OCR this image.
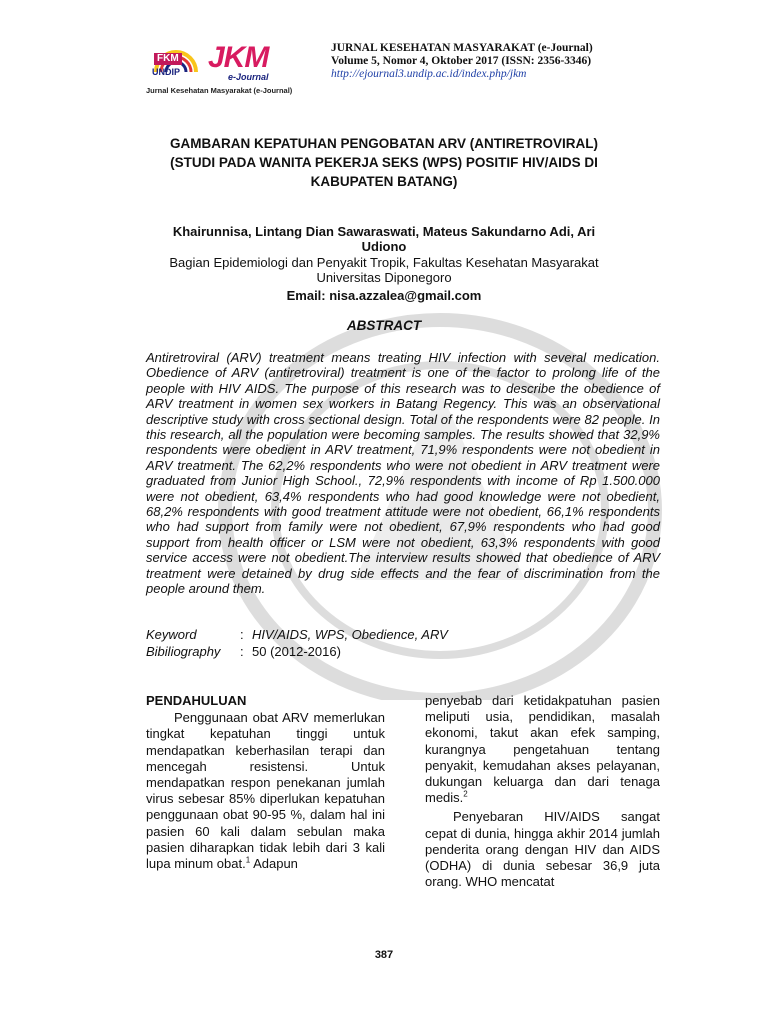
FKM
UNDIP JKM
e-Journal
Jurnal Kesehatan Masyarakat (e-Journal)
JURNAL KESEHATAN MASYARAKAT (e-Journal)
Volume 5, Nomor 4, Oktober 2017 (ISSN: 2356-3346)
http://ejournal3.undip.ac.id/index.php/jkm
GAMBARAN KEPATUHAN PENGOBATAN ARV (ANTIRETROVIRAL)
(STUDI PADA WANITA PEKERJA SEKS (WPS) POSITIF HIV/AIDS DI
KABUPATEN BATANG)
Khairunnisa, Lintang Dian Sawaraswati, Mateus Sakundarno Adi, Ari Udiono
Bagian Epidemiologi dan Penyakit Tropik, Fakultas Kesehatan Masyarakat Universitas Diponegoro
Email: nisa.azzalea@gmail.com
ABSTRACT
Antiretroviral (ARV) treatment means treating HIV infection with several medication. Obedience of ARV (antiretroviral) treatment is one of the factor to prolong life of the people with HIV AIDS. The purpose of this research was to describe the obedience of ARV treatment in women sex workers in Batang Regency. This was an observational descriptive study with cross sectional design. Total of the respondents were 82 people. In this research, all the population were becoming samples. The results showed that 32,9% respondents were obedient in ARV treatment, 71,9% respondents were not obedient in ARV treatment. The 62,2% respondents who were not obedient in ARV treatment were graduated from Junior High School., 72,9% respondents with income of Rp 1.500.000 were not obedient, 63,4% respondents who had good knowledge were not obedient, 68,2% respondents with good treatment attitude were not obedient, 66,1% respondents who had support from family were not obedient, 67,9% respondents who had good support from health officer or LSM were not obedient, 63,3% respondents with good service access were not obedient.The interview results showed that obedience of ARV treatment were detained by drug side effects and the fear of discrimination from the people around them.
Keyword	: HIV/AIDS, WPS, Obedience, ARV
Bibiliography	: 50 (2012-2016)
PENDAHULUAN

Penggunaan obat ARV memerlukan tingkat kepatuhan tinggi untuk mendapatkan keberhasilan terapi dan mencegah resistensi. Untuk mendapatkan respon penekanan jumlah virus sebesar 85% diperlukan kepatuhan penggunaan obat 90-95 %, dalam hal ini pasien 60 kali dalam sebulan maka pasien diharapkan tidak lebih dari 3 kali lupa minum obat.$^1$ Adapun

penyebab dari ketidakpatuhan pasien meliputi usia, pendidikan, masalah ekonomi, takut akan efek samping, kurangnya pengetahuan tentang penyakit, kemudahan akses pelayanan, dukungan keluarga dan dari tenaga medis.$^2$

Penyebaran HIV/AIDS sangat cepat di dunia, hingga akhir 2014 jumlah penderita orang dengan HIV dan AIDS (ODHA) di dunia sebesar 36,9 juta orang. WHO mencatat

387
